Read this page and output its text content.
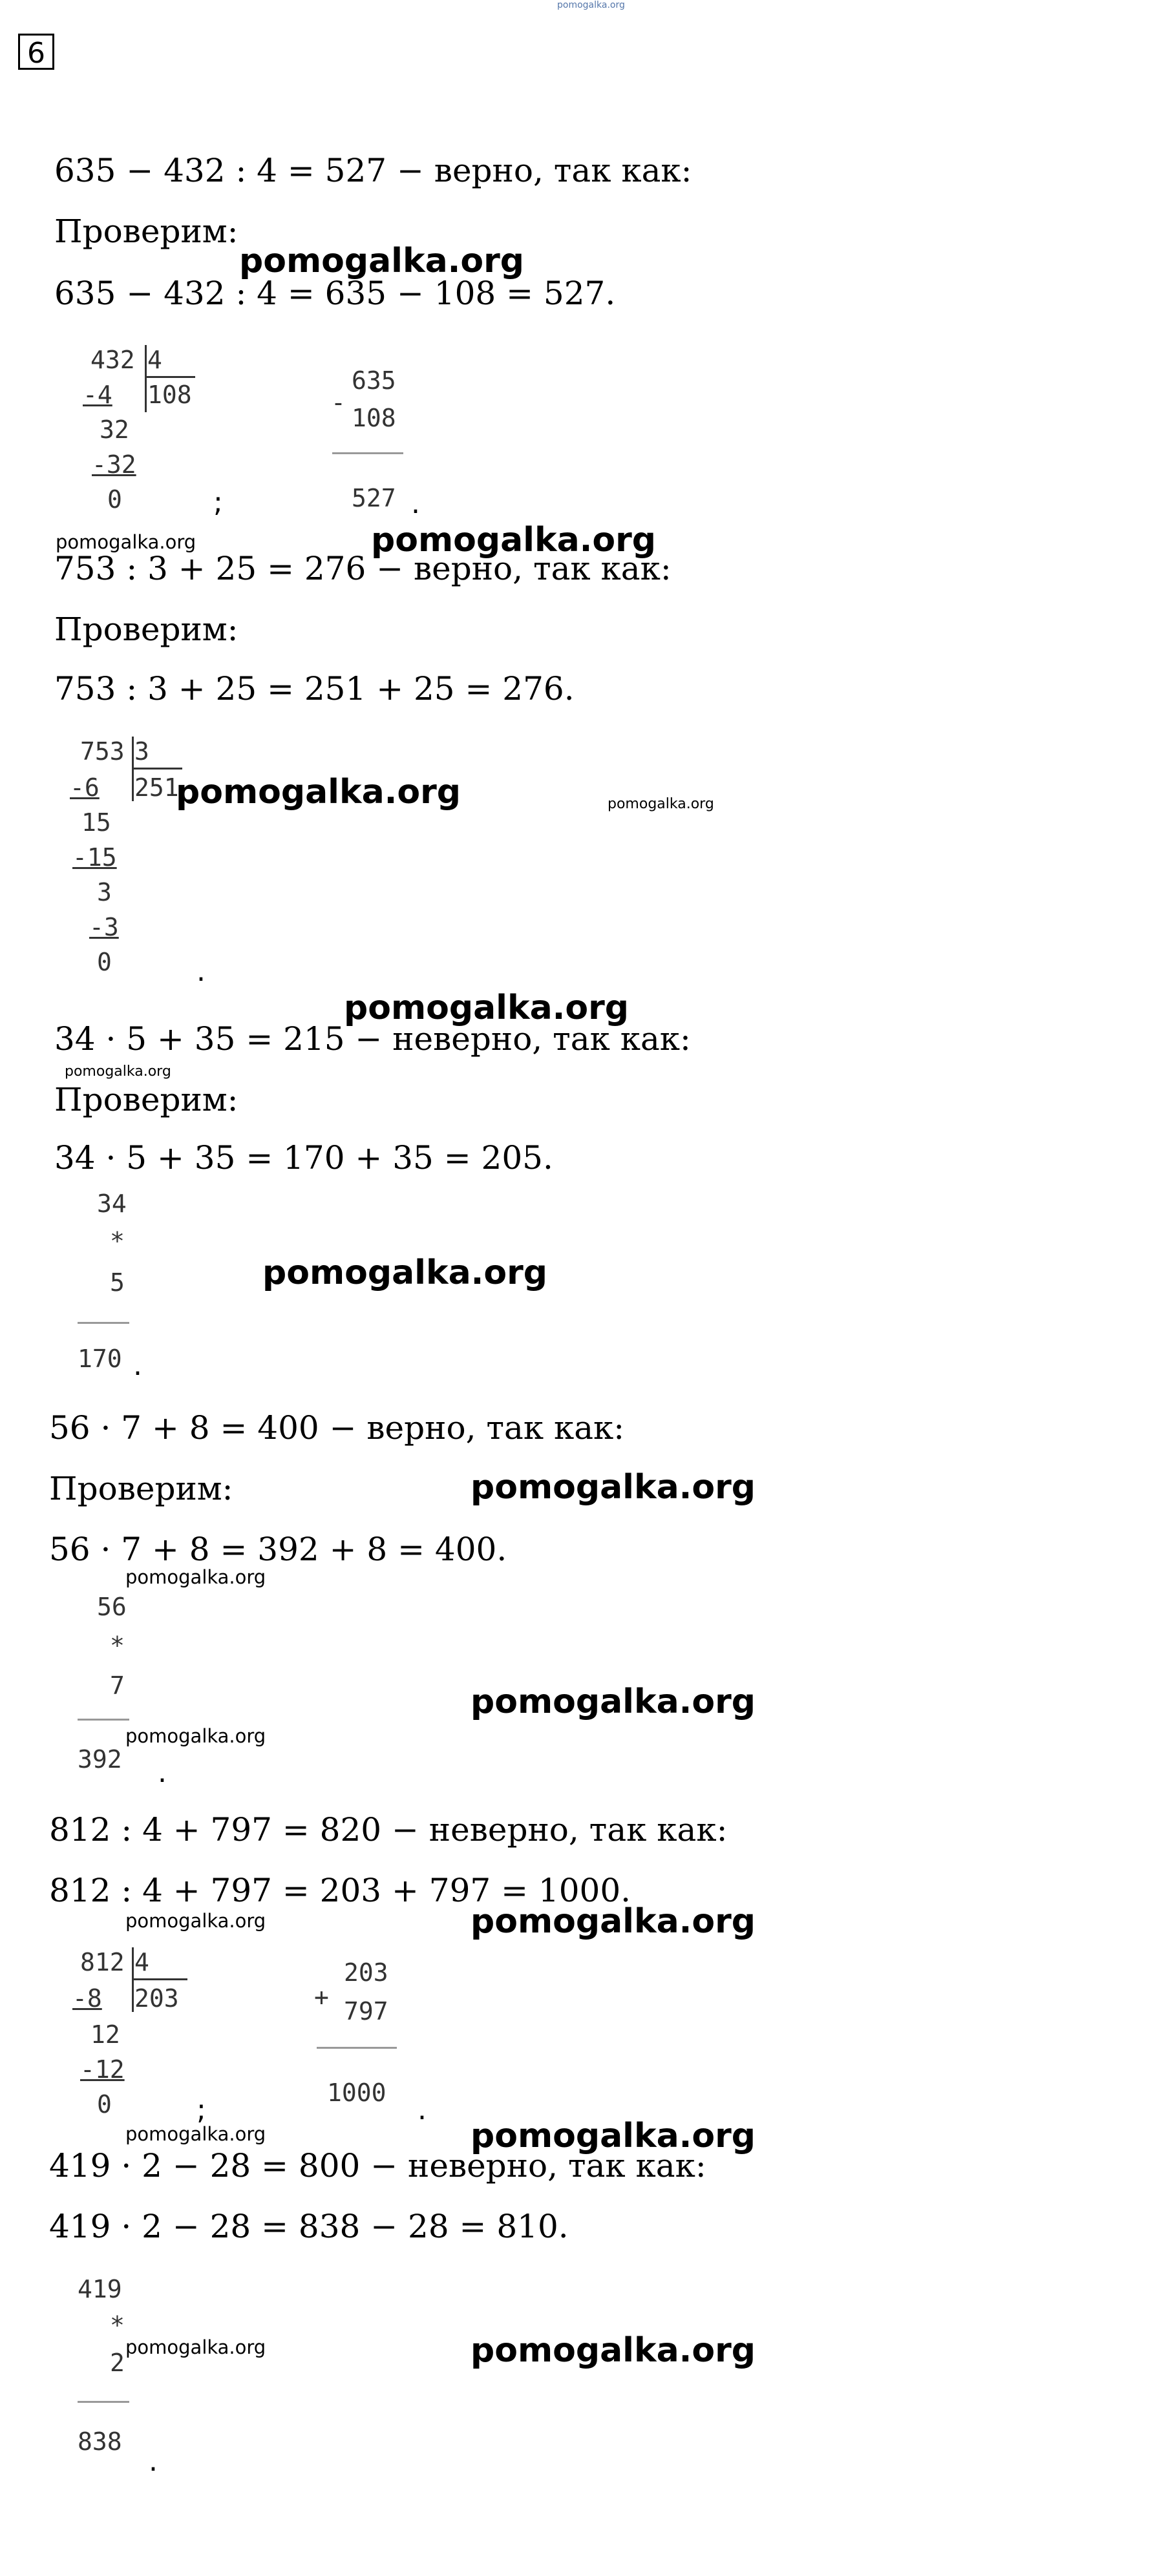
pomogalka.org
6
635 − 432 : 4 = 527 − верно, так как:
Проверим:
pomogalka.org
635 − 432 : 4 = 635 − 108 = 527.
432 4
108
-4
32
-32
0	;
-
635
108
527 .
pomogalka.org	pomogalka.org
753 : 3 + 25 = 276 − верно, так как:
Проверим:
753 : 3 + 25 = 251 + 25 = 276.
753 3
251
-6
15
-15
3
-3
0
pomogalka.org	pomogalka.org
.
pomogalka.org
34 · 5 + 35 = 215 − неверно, так как:
pomogalka.org
Проверим:
34 · 5 + 35 = 170 + 35 = 205.
34
*
5
170
pomogalka.org
.
56 · 7 + 8 = 400 − верно, так как:
Проверим:	pomogalka.org
56 · 7 + 8 = 392 + 8 = 400.
pomogalka.org
56
*
7
392
pomogalka.org
pomogalka.org
.
812 : 4 + 797 = 820 − неверно, так как:
812 : 4 + 797 = 203 + 797 = 1000.
pomogalka.org	pomogalka.org
812 4
203
-8
12
-12
0	;
+
203
797
1000
.
pomogalka.org	pomogalka.org
419 · 2 − 28 = 800 − неверно, так как:
419 · 2 − 28 = 838 − 28 = 810.
419
*
2
838
pomogalka.org	pomogalka.org
.
